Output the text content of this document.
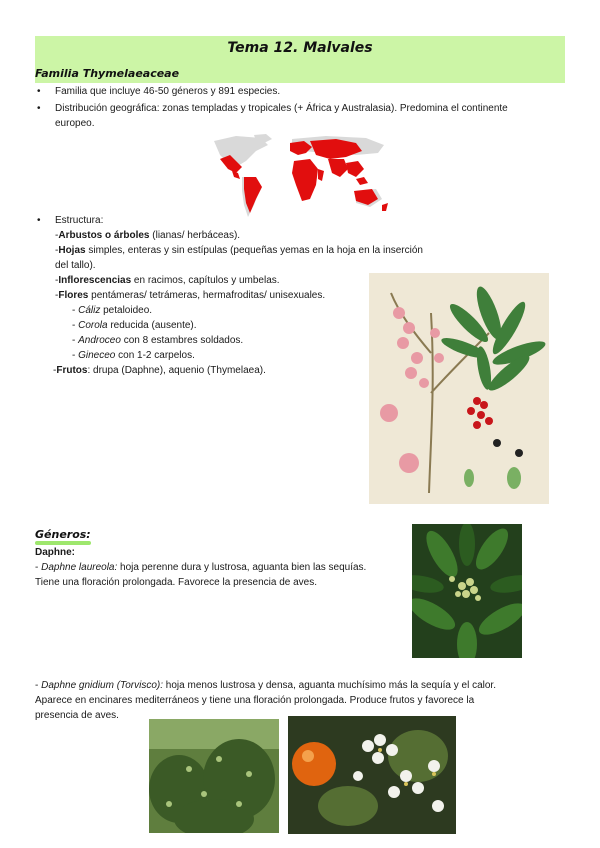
Tema 12. Malvales
Familia Thymelaeaceae
• Familia que incluye 46-50 géneros y 891 especies.
• Distribución geográfica: zonas templadas y tropicales (+ África y Australasia). Predomina el continente
europeo.
• Estructura:
-Arbustos o árboles (lianas/ herbáceas).
-Hojas simples, enteras y sin estípulas (pequeñas yemas en la hoja en la inserción
del tallo).
-Inflorescencias en racimos, capítulos y umbelas.
-Flores pentámeras/ tetrámeras, hermafroditas/ unisexuales.
- Cáliz petaloideo.
- Corola reducida (ausente).
- Androceo con 8 estambres soldados.
- Gineceo con 1-2 carpelos.
-Frutos: drupa (Daphne), aquenio (Thymelaea).
Géneros:
Daphne:
- Daphne laureola: hoja perenne dura y lustrosa, aguanta bien las sequías.
Tiene una floración prolongada. Favorece la presencia de aves.
- Daphne gnidium (Torvisco): hoja menos lustrosa y densa, aguanta muchísimo más la sequía y el calor.
Aparece en encinares mediterráneos y tiene una floración prolongada. Produce frutos y favorece la
presencia de aves.
